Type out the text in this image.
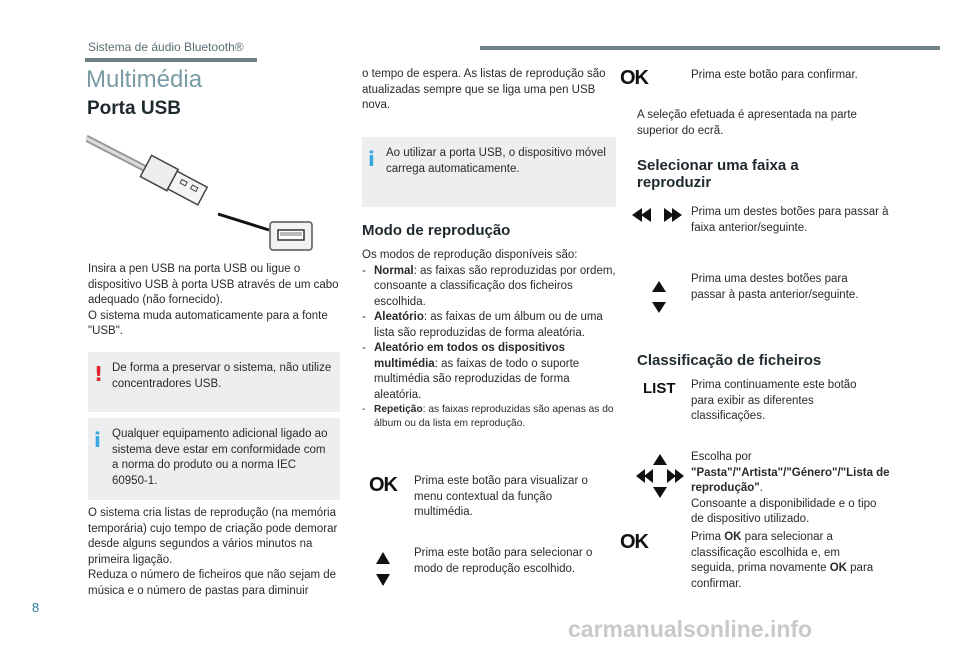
Sistema de áudio Bluetooth®
Multimédia
Porta USB
Insira a pen USB na porta USB ou ligue o dispositivo USB à porta USB através de um cabo adequado (não fornecido).
O sistema muda automaticamente para a fonte "USB".
! De forma a preservar o sistema, não utilize concentradores USB.
i Qualquer equipamento adicional ligado ao sistema deve estar em conformidade com a norma do produto ou a norma IEC 60950-1.
O sistema cria listas de reprodução (na memória temporária) cujo tempo de criação pode demorar desde alguns segundos a vários minutos na primeira ligação.
Reduza o número de ficheiros que não sejam de música e o número de pastas para diminuir
o tempo de espera. As listas de reprodução são atualizadas sempre que se liga uma pen USB nova.
i Ao utilizar a porta USB, o dispositivo móvel carrega automaticamente.
Modo de reprodução
Os modos de reprodução disponíveis são:
- Normal: as faixas são reproduzidas por ordem, consoante a classificação dos ficheiros escolhida.
- Aleatório: as faixas de um álbum ou de uma lista são reproduzidas de forma aleatória.
- Aleatório em todos os dispositivos multimédia: as faixas de todo o suporte multimédia são reproduzidas de forma aleatória.
- Repetição: as faixas reproduzidas são apenas as do álbum ou da lista em reprodução.
OK Prima este botão para visualizar o menu contextual da função multimédia.
Prima este botão para selecionar o modo de reprodução escolhido.
OK	Prima este botão para confirmar.
A seleção efetuada é apresentada na parte superior do ecrã.
Selecionar uma faixa a reproduzir
Prima um destes botões para passar à faixa anterior/seguinte.
Prima uma destes botões para passar à pasta anterior/seguinte.
Classificação de ficheiros
LIST Prima continuamente este botão para exibir as diferentes classificações.
Escolha por
"Pasta"/"Artista"/"Género"/"Lista de reprodução".
Consoante a disponibilidade e o tipo de dispositivo utilizado.
OK	Prima OK para selecionar a classificação escolhida e, em seguida, prima novamente OK para confirmar.
8
carmanualsonline.info
